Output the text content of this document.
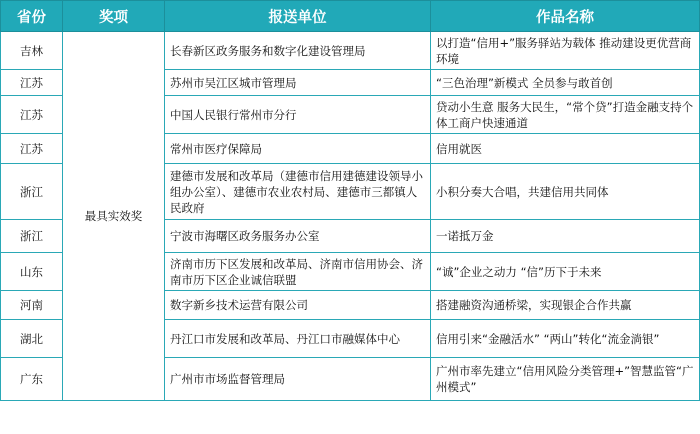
省份	奖项	报送单位	作品名称
吉林	最具实效奖	长春新区政务服务和数字化建设管理局	以打造“信用+”服务驿站为载体 推动建设更优营商环境
江苏		苏州市吴江区城市管理局	“三色治理”新模式 全员参与敢首创
江苏		中国人民银行常州市分行	贷动小生意 服务大民生，“常个贷”打造金融支持个体工商户快速通道
江苏		常州市医疗保障局	信用就医
浙江		建德市发展和改革局（建德市信用建德建设领导小组办公室）、建德市农业农村局、建德市三都镇人民政府	小积分奏大合唱，共建信用共同体
浙江		宁波市海曙区政务服务办公室	一诺抵万金
山东		济南市历下区发展和改革局、济南市信用协会、济南市历下区企业诚信联盟	“诚”企业之动力 “信”历下于未来
河南		数字新乡技术运营有限公司	搭建融资沟通桥梁，实现银企合作共赢
湖北		丹江口市发展和改革局、丹江口市融媒体中心	信用引来“金融活水” “两山”转化“流金淌银”
广东		广州市市场监督管理局	广州市率先建立“信用风险分类管理+”智慧监管“广州模式”
